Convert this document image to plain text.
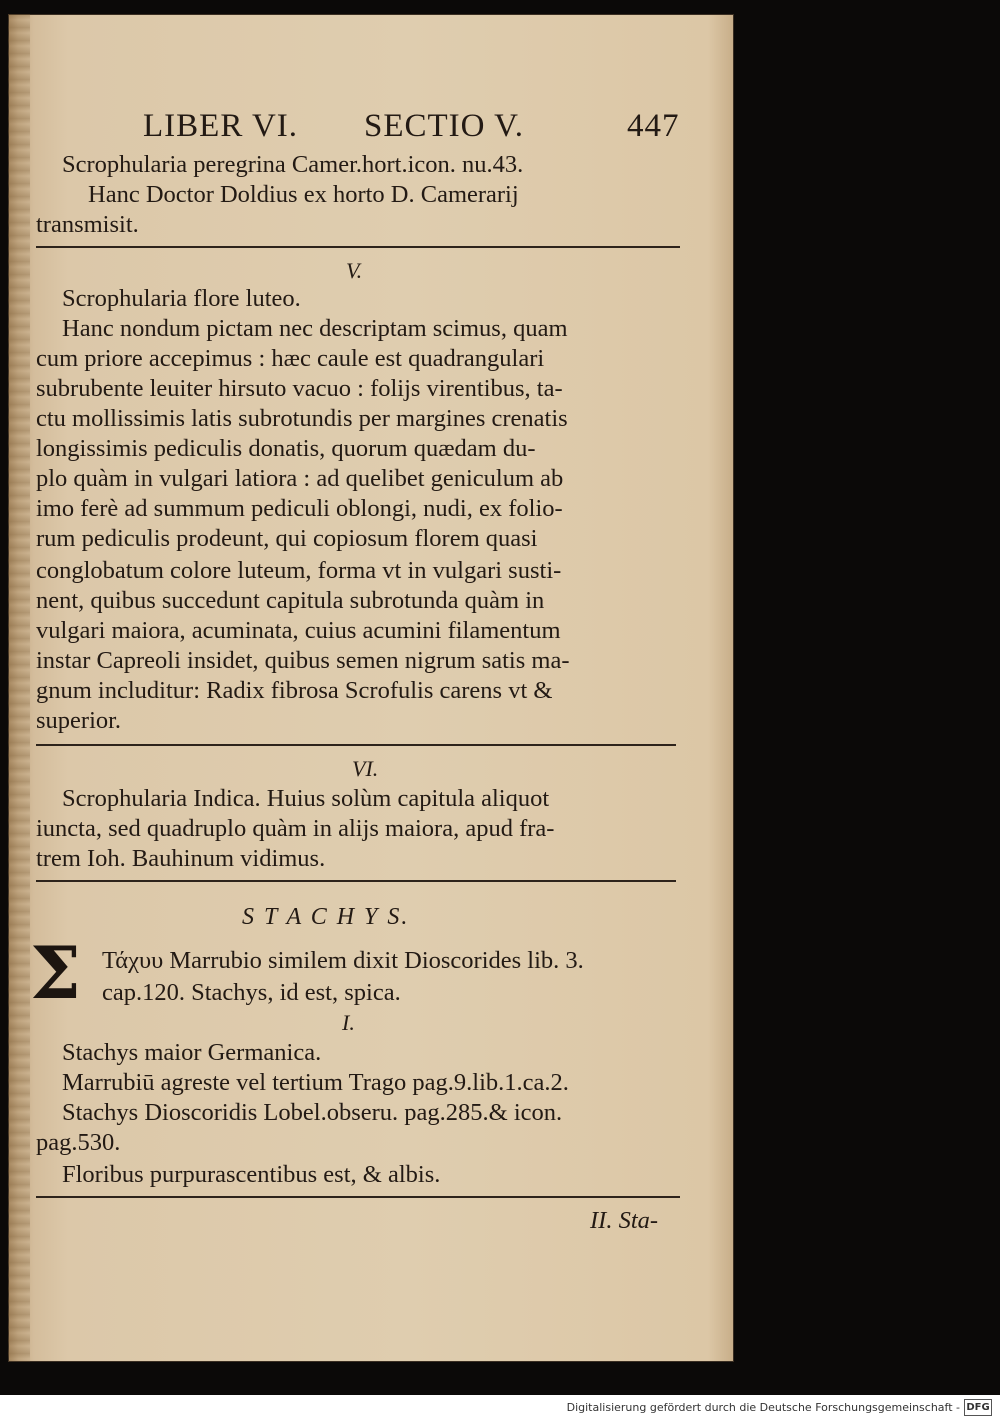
LIBER VI. SECTIO V.	447
Scrophularia peregrina Camer.hort.icon. nu.43.
Hanc Doctor Doldius ex horto D. Camerarij
transmisit.
V.
Scrophularia flore luteo.
Hanc nondum pictam nec descriptam scimus, quam
cum priore accepimus : hæc caule est quadrangulari
subrubente leuiter hirsuto vacuo : folijs virentibus, ta-
ctu mollissimis latis subrotundis per margines crenatis
longissimis pediculis donatis, quorum quædam du-
plo quàm in vulgari latiora : ad quelibet geniculum ab
imo ferè ad summum pediculi oblongi, nudi, ex folio-
rum pediculis prodeunt, qui copiosum florem quasi
conglobatum colore luteum, forma vt in vulgari susti-
nent, quibus succedunt capitula subrotunda quàm in
vulgari maiora, acuminata, cuius acumini filamentum
instar Capreoli insidet, quibus semen nigrum satis ma-
gnum includitur: Radix fibrosa Scrofulis carens vt &
superior.
VI.
Scrophularia Indica. Huius solùm capitula aliquot
iuncta, sed quadruplo quàm in alijs maiora, apud fra-
trem Ioh. Bauhinum vidimus.
S T A C H Y S.
Σ Τάχυυ Marrubio similem dixit Dioscorides lib. 3.
cap.120. Stachys, id est, spica.
I.
Stachys maior Germanica.
Marrubiū agreste vel tertium Trago pag.9.lib.1.ca.2.
Stachys Dioscoridis Lobel.obseru. pag.285.& icon.
pag.530.
Floribus purpurascentibus est, & albis.
II. Sta-
Digitalisierung gefördert durch die Deutsche Forschungsgemeinschaft - DFG
